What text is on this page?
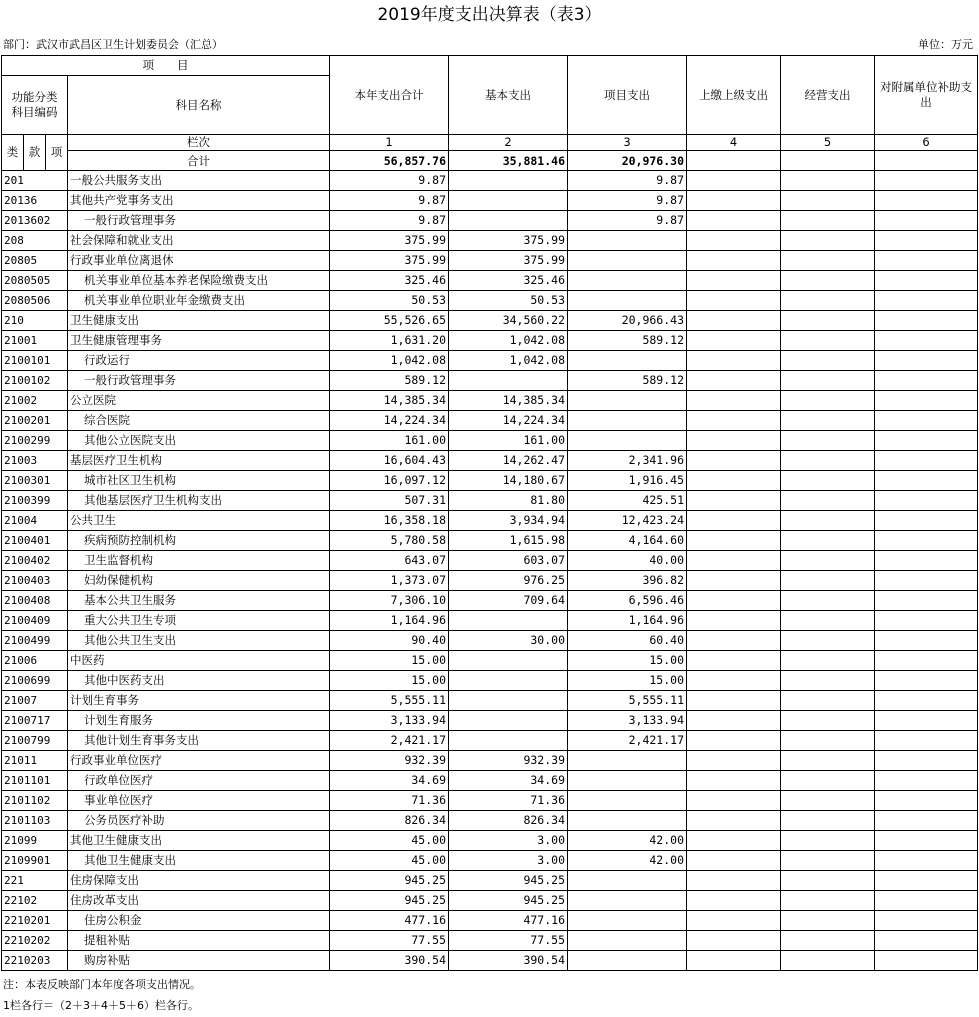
2019年度支出决算表（表3）
部门：武汉市武昌区卫生计划委员会（汇总）	单位：万元
项　　目				本年支出合计	基本支出	项目支出	上缴上级支出	经营支出	对附属单位补助支出
功能分类
科目编码			科目名称						

类	款	项	栏次	1	2	3	4	5	6
			合计	56,857.76	35,881.46	20,976.30			
201			一般公共服务支出	9.87		9.87			
20136			其他共产党事务支出	9.87		9.87			
2013602			一般行政管理事务	9.87		9.87			
208			社会保障和就业支出	375.99	375.99				
20805			行政事业单位离退休	375.99	375.99				
2080505			机关事业单位基本养老保险缴费支出	325.46	325.46				
2080506			机关事业单位职业年金缴费支出	50.53	50.53				
210			卫生健康支出	55,526.65	34,560.22	20,966.43			
21001			卫生健康管理事务	1,631.20	1,042.08	589.12			
2100101			行政运行	1,042.08	1,042.08				
2100102			一般行政管理事务	589.12		589.12			
21002			公立医院	14,385.34	14,385.34				
2100201			综合医院	14,224.34	14,224.34				
2100299			其他公立医院支出	161.00	161.00				
21003			基层医疗卫生机构	16,604.43	14,262.47	2,341.96			
2100301			城市社区卫生机构	16,097.12	14,180.67	1,916.45			
2100399			其他基层医疗卫生机构支出	507.31	81.80	425.51			
21004			公共卫生	16,358.18	3,934.94	12,423.24			
2100401			疾病预防控制机构	5,780.58	1,615.98	4,164.60			
2100402			卫生监督机构	643.07	603.07	40.00			
2100403			妇幼保健机构	1,373.07	976.25	396.82			
2100408			基本公共卫生服务	7,306.10	709.64	6,596.46			
2100409			重大公共卫生专项	1,164.96		1,164.96			
2100499			其他公共卫生支出	90.40	30.00	60.40			
21006			中医药	15.00		15.00			
2100699			其他中医药支出	15.00		15.00			
21007			计划生育事务	5,555.11		5,555.11			
2100717			计划生育服务	3,133.94		3,133.94			
2100799			其他计划生育事务支出	2,421.17		2,421.17			
21011			行政事业单位医疗	932.39	932.39				
2101101			行政单位医疗	34.69	34.69				
2101102			事业单位医疗	71.36	71.36				
2101103			公务员医疗补助	826.34	826.34				
21099			其他卫生健康支出	45.00	3.00	42.00			
2109901			其他卫生健康支出	45.00	3.00	42.00			
221			住房保障支出	945.25	945.25				
22102			住房改革支出	945.25	945.25				
2210201			住房公积金	477.16	477.16				
2210202			提租补贴	77.55	77.55				
2210203			购房补贴	390.54	390.54				
注：本表反映部门本年度各项支出情况。
1栏各行＝（2＋3＋4＋5＋6）栏各行。
